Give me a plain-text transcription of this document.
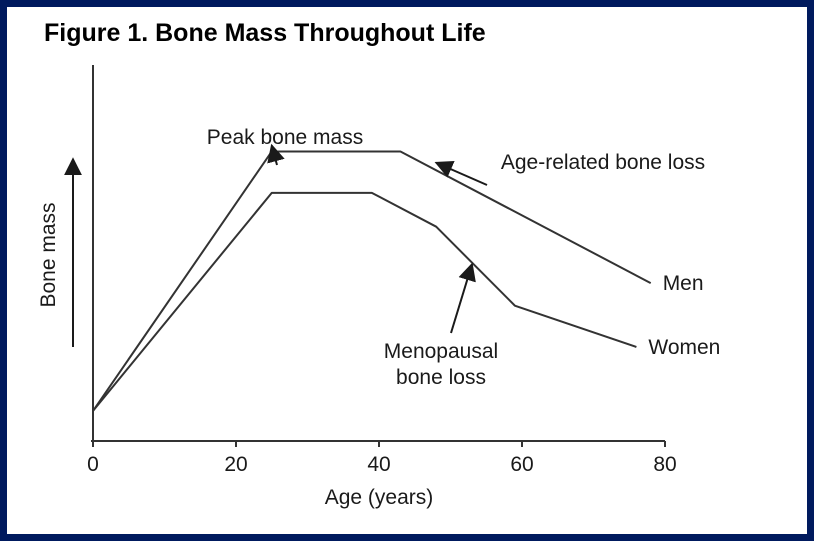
Figure 1. Bone Mass Throughout Life
Bone mass
Age (years)
0	20	40	60	80
Men
Women
Peak bone mass
Age-related bone loss
Menopausal
bone loss
